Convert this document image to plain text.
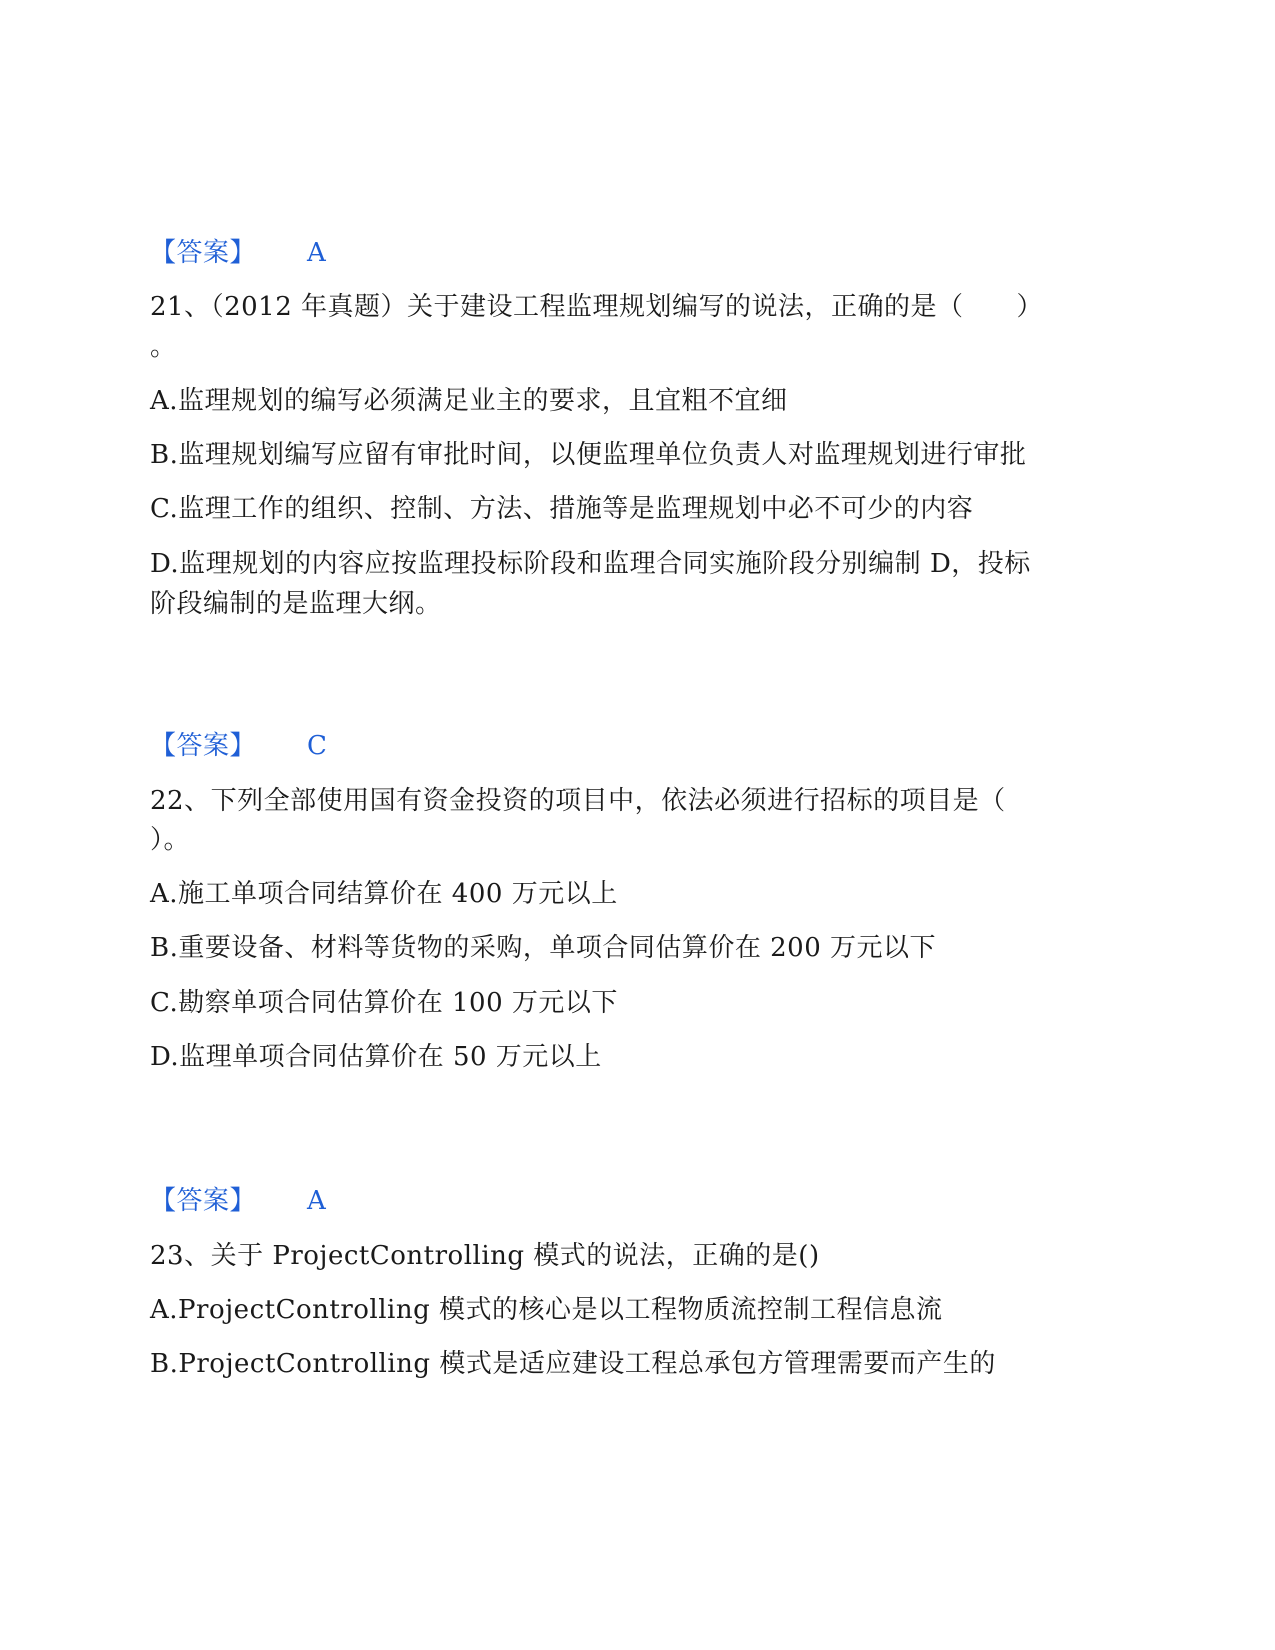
【答案】 A
21、（2012 年真题）关于建设工程监理规划编写的说法，正确的是（　　）
。
A.监理规划的编写必须满足业主的要求，且宜粗不宜细
B.监理规划编写应留有审批时间，以便监理单位负责人对监理规划进行审批
C.监理工作的组织、控制、方法、措施等是监理规划中必不可少的内容
D.监理规划的内容应按监理投标阶段和监理合同实施阶段分别编制 D，投标
阶段编制的是监理大纲。
【答案】 C
22、下列全部使用国有资金投资的项目中，依法必须进行招标的项目是（
）。
A.施工单项合同结算价在 400 万元以上
B.重要设备、材料等货物的采购，单项合同估算价在 200 万元以下
C.勘察单项合同估算价在 100 万元以下
D.监理单项合同估算价在 50 万元以上
【答案】 A
23、关于 ProjectControlling 模式的说法，正确的是()
A.ProjectControlling 模式的核心是以工程物质流控制工程信息流
B.ProjectControlling 模式是适应建设工程总承包方管理需要而产生的
